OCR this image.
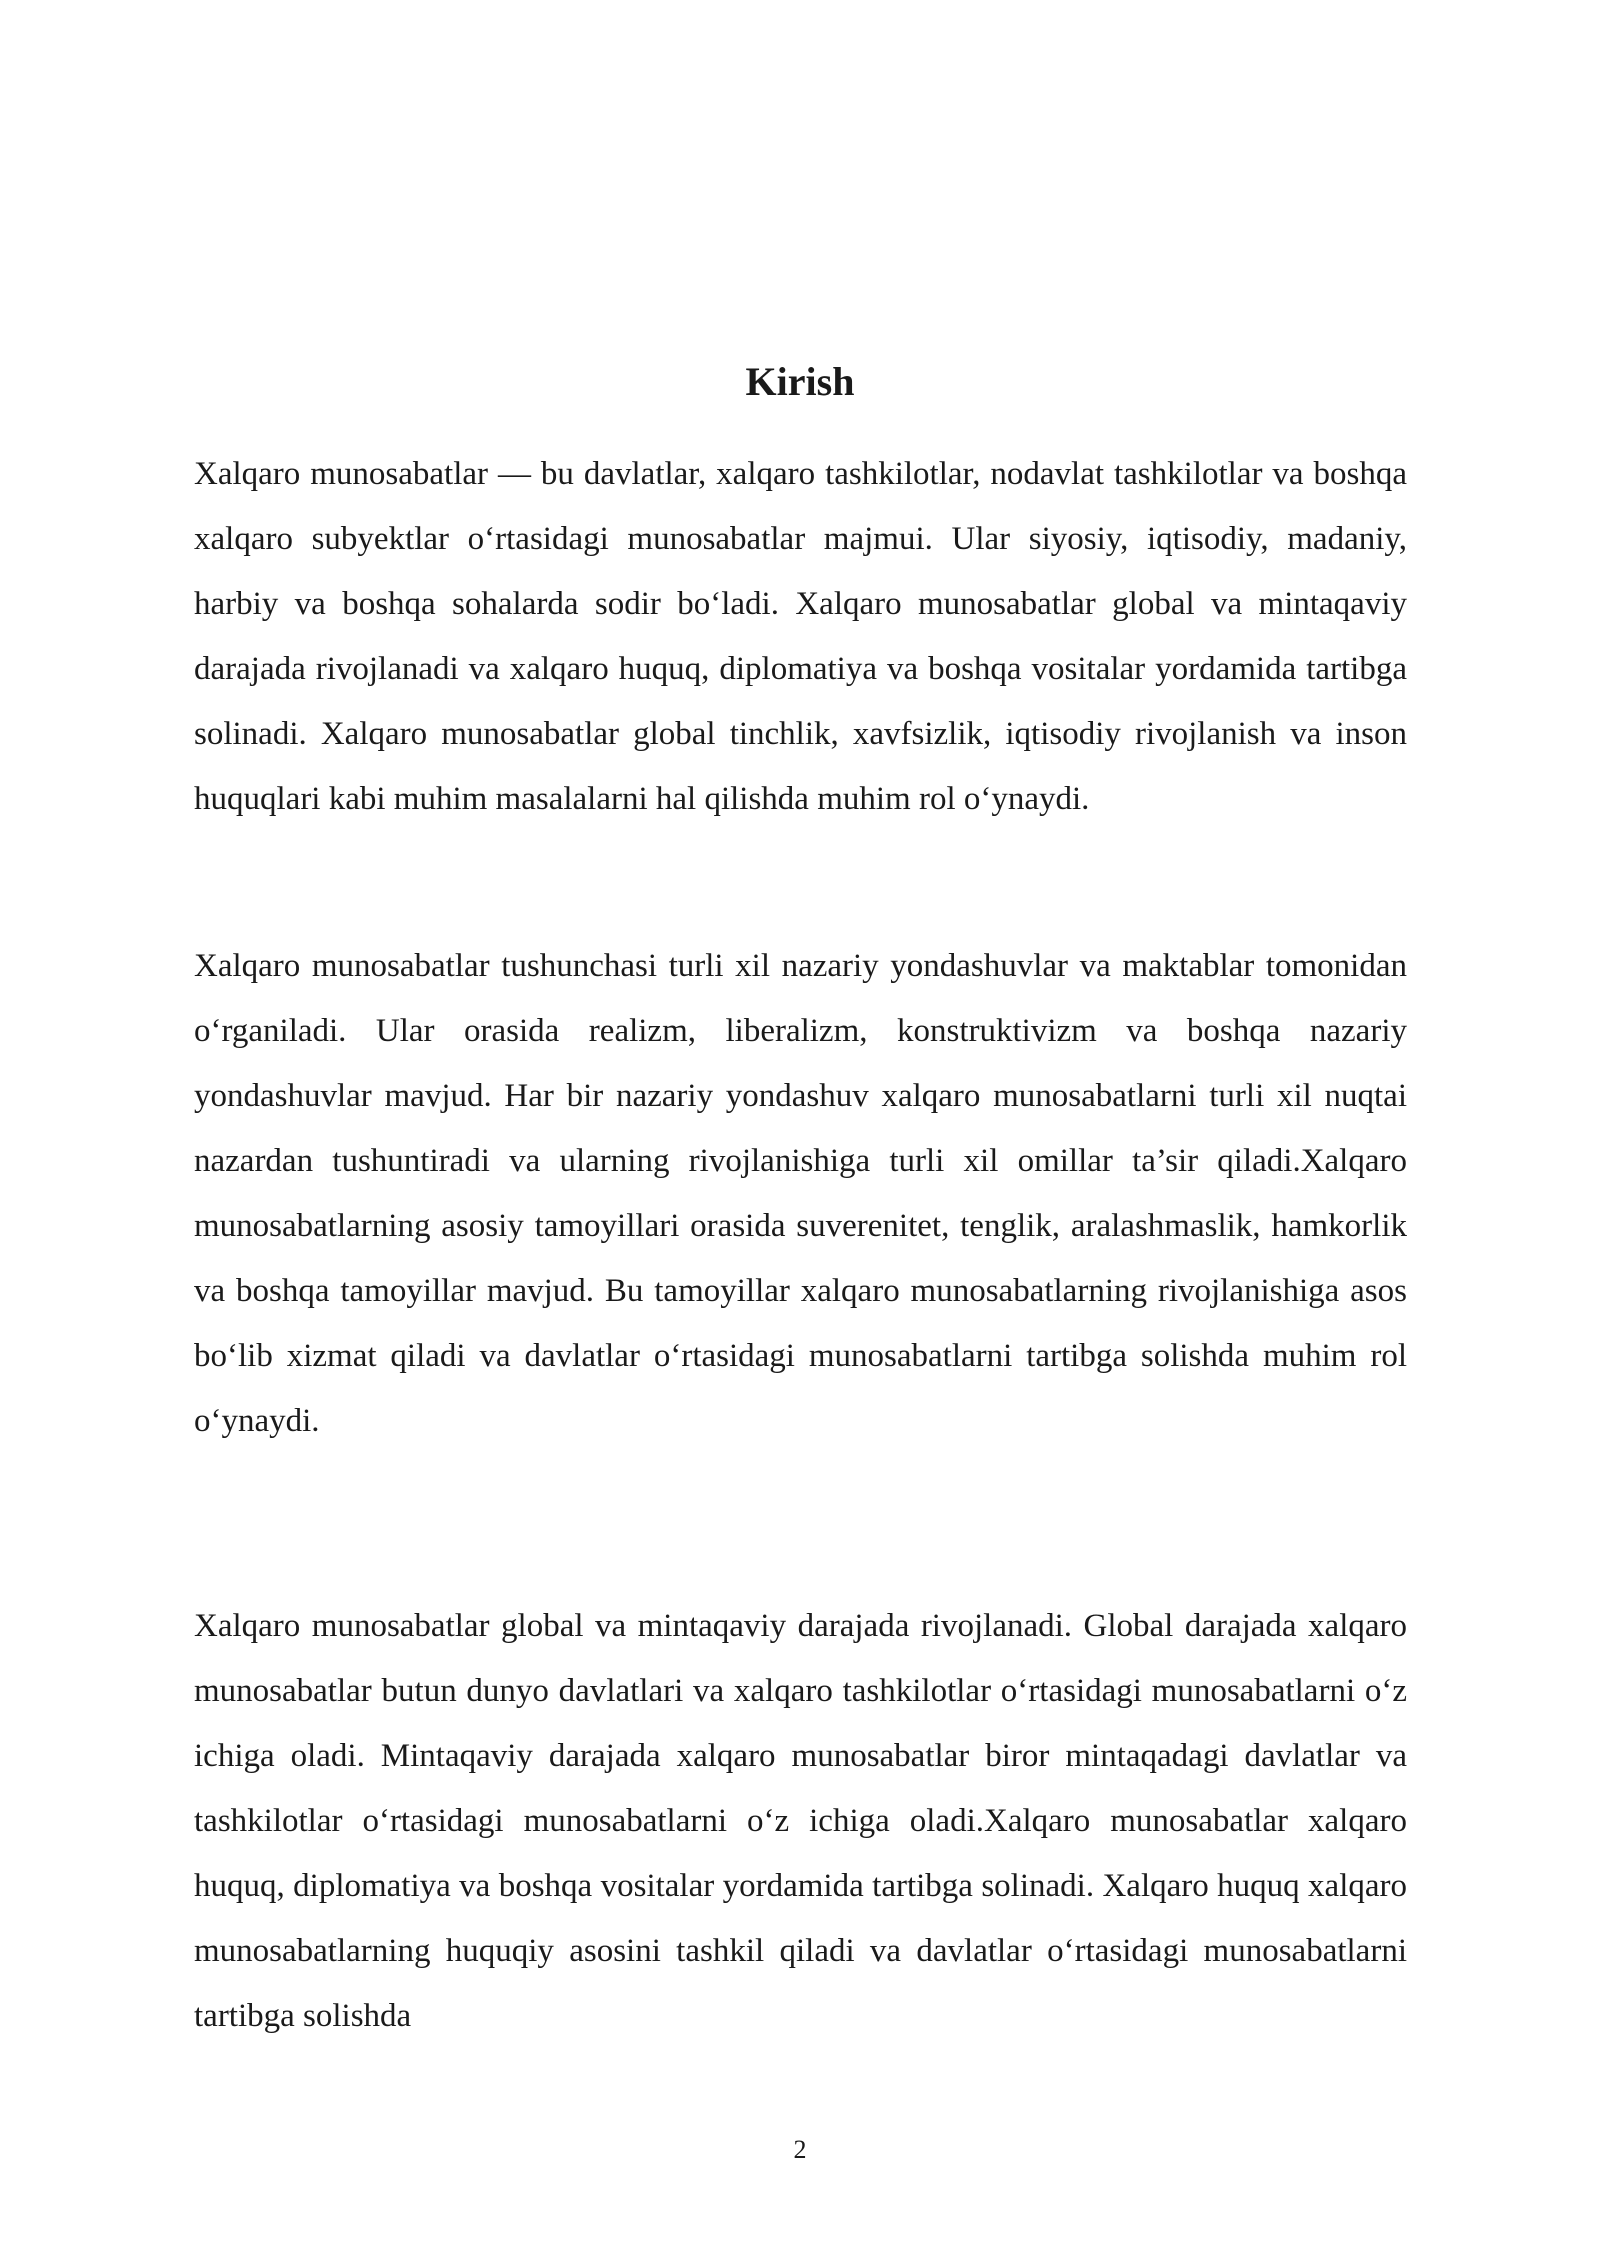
Kirish

Xalqaro munosabatlar — bu davlatlar, xalqaro tashkilotlar, nodavlat tashkilotlar va boshqa xalqaro subyektlar oʻrtasidagi munosabatlar majmui. Ular siyosiy, iqtisodiy, madaniy, harbiy va boshqa sohalarda sodir boʻladi. Xalqaro munosabatlar global va mintaqaviy darajada rivojlanadi va xalqaro huquq, diplomatiya va boshqa vositalar yordamida tartibga solinadi. Xalqaro munosabatlar global tinchlik, xavfsizlik, iqtisodiy rivojlanish va inson huquqlari kabi muhim masalalarni hal qilishda muhim rol oʻynaydi.

Xalqaro munosabatlar tushunchasi turli xil nazariy yondashuvlar va maktablar tomonidan oʻrganiladi. Ular orasida realizm, liberalizm, konstruktivizm va boshqa nazariy yondashuvlar mavjud. Har bir nazariy yondashuv xalqaro munosabatlarni turli xil nuqtai nazardan tushuntiradi va ularning rivojlanishiga turli xil omillar ta’sir qiladi.Xalqaro munosabatlarning asosiy tamoyillari orasida suverenitet, tenglik, aralashmaslik, hamkorlik va boshqa tamoyillar mavjud. Bu tamoyillar xalqaro munosabatlarning rivojlanishiga asos boʻlib xizmat qiladi va davlatlar oʻrtasidagi munosabatlarni tartibga solishda muhim rol oʻynaydi.

Xalqaro munosabatlar global va mintaqaviy darajada rivojlanadi. Global darajada xalqaro munosabatlar butun dunyo davlatlari va xalqaro tashkilotlar oʻrtasidagi munosabatlarni oʻz ichiga oladi. Mintaqaviy darajada xalqaro munosabatlar biror mintaqadagi davlatlar va tashkilotlar oʻrtasidagi munosabatlarni oʻz ichiga oladi.Xalqaro munosabatlar xalqaro huquq, diplomatiya va boshqa vositalar yordamida tartibga solinadi. Xalqaro huquq xalqaro munosabatlarning huquqiy asosini tashkil qiladi va davlatlar oʻrtasidagi munosabatlarni tartibga solishda

2
